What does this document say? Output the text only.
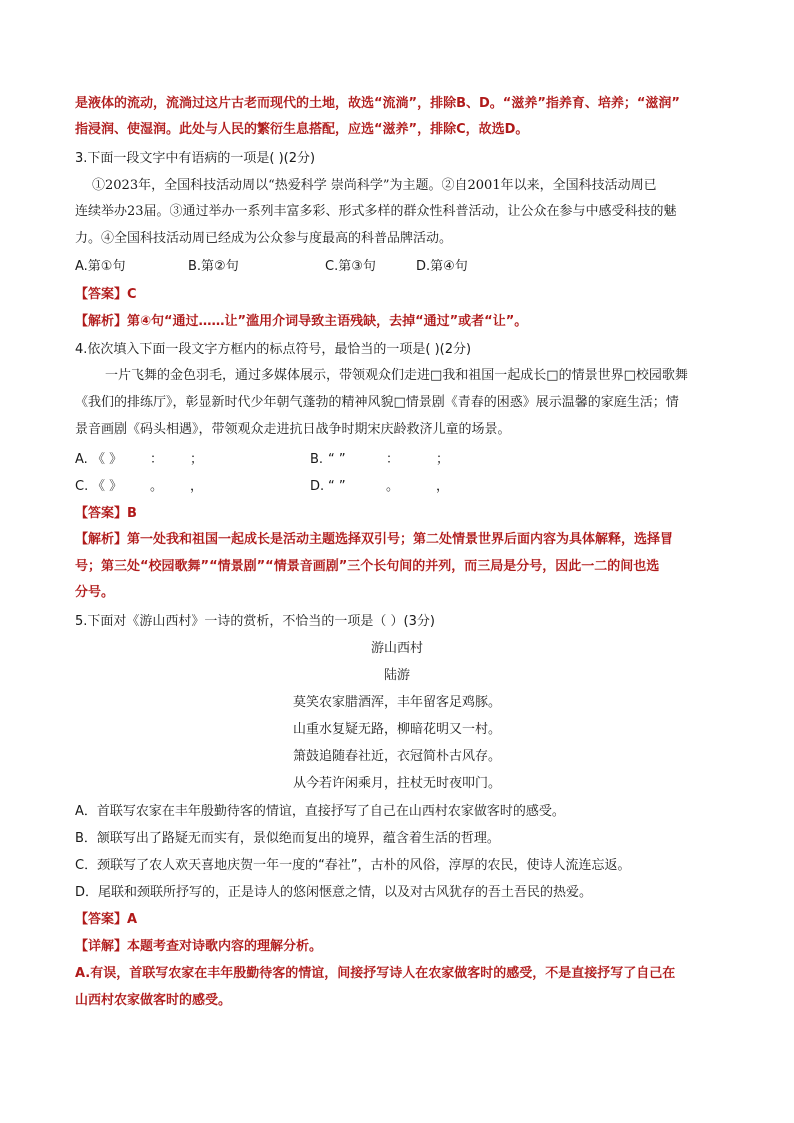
是液体的流动，流淌过这片古老而现代的土地，故选“流淌”，排除B、D。“滋养”指养育、培养；“滋润”
指浸润、使湿润。此处与人民的繁衍生息搭配，应选“滋养”，排除C，故选D。
3.下面一段文字中有语病的一项是( )(2分)
①2023年，全国科技活动周以“热爱科学 崇尚科学”为主题。②自2001年以来，全国科技活动周已
连续举办23届。③通过举办一系列丰富多彩、形式多样的群众性科普活动，让公众在参与中感受科技的魅
力。④全国科技活动周已经成为公众参与度最高的科普品牌活动。
A.第①句	B.第②句	C.第③句	D.第④句
【答案】C
【解析】第④句“通过……让”滥用介词导致主语残缺，去掉“通过”或者“让”。
4.依次填入下面一段文字方框内的标点符号，最恰当的一项是( )(2分)
一片飞舞的金色羽毛，通过多媒体展示，带领观众们走进□我和祖国一起成长□的情景世界□校园歌舞
《我们的排练厅》，彰显新时代少年朝气蓬勃的精神风貌□情景剧《青春的困惑》展示温馨的家庭生活；情
景音画剧《码头相遇》，带领观众走进抗日战争时期宋庆龄救济儿童的场景。
A. 《 》 ： ；	B. “ ”	：	；
C. 《 》 。 ，	D. “ ”	。	，
【答案】B
【解析】第一处我和祖国一起成长是活动主题选择双引号；第二处情景世界后面内容为具体解释，选择冒
号；第三处“校园歌舞”“情景剧”“情景音画剧”三个长句间的并列，而三局是分号，因此一二的间也选
分号。
5.下面对《游山西村》一诗的赏析，不恰当的一项是（ ）(3分)
游山西村
陆游
莫笑农家腊酒浑，丰年留客足鸡豚。
山重水复疑无路，柳暗花明又一村。
箫鼓追随春社近，衣冠简朴古风存。
从今若许闲乘月，拄杖无时夜叩门。
A．首联写农家在丰年殷勤待客的情谊，直接抒写了自己在山西村农家做客时的感受。
B．颔联写出了路疑无而实有，景似绝而复出的境界，蕴含着生活的哲理。
C．颈联写了农人欢天喜地庆贺一年一度的“春社”，古朴的风俗，淳厚的农民，使诗人流连忘返。
D．尾联和颈联所抒写的，正是诗人的悠闲惬意之情，以及对古风犹存的吾土吾民的热爱。
【答案】A
【详解】本题考查对诗歌内容的理解分析。
A.有误，首联写农家在丰年殷勤待客的情谊，间接抒写诗人在农家做客时的感受，不是直接抒写了自己在
山西村农家做客时的感受。
